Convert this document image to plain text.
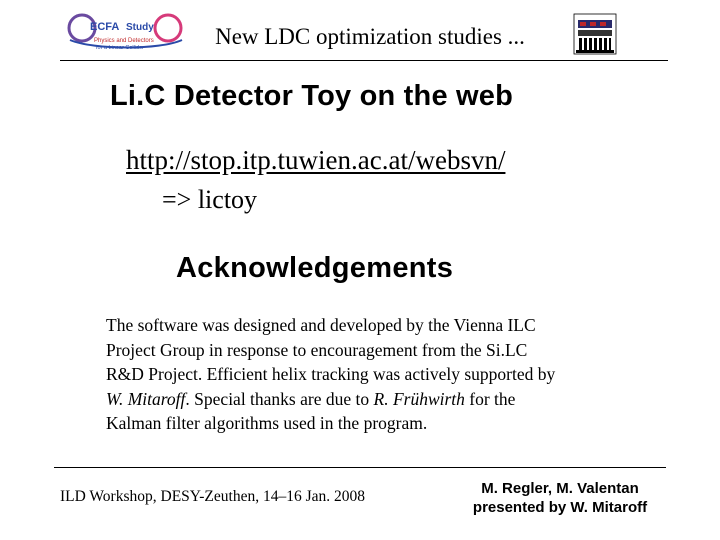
ECFA Study
Physics and Detectors
for a Linear Collider	New LDC optimization studies ...
Li.C Detector Toy on the web
http://stop.itp.tuwien.ac.at/websvn/
=> lictoy
Acknowledgements
The software was designed and developed by the Vienna ILC
Project Group in response to encouragement from the Si.LC
R&D Project. Efficient helix tracking was actively supported by
W. Mitaroff. Special thanks are due to R. Frühwirth for the
Kalman filter algorithms used in the program.
ILD Workshop, DESY-Zeuthen, 14–16 Jan. 2008	M. Regler, M. Valentan
presented by W. Mitaroff
